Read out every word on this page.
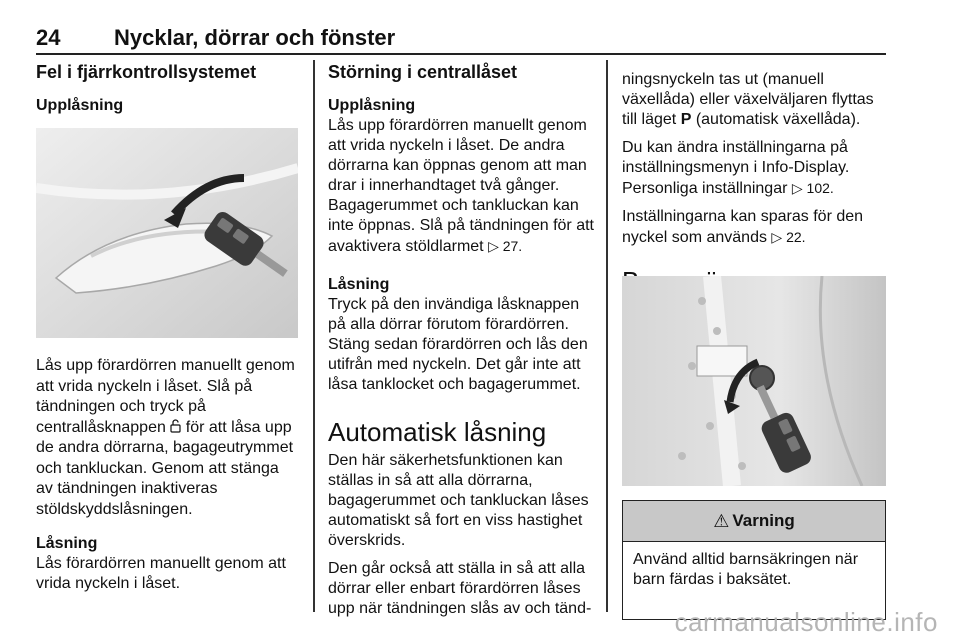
24 Nycklar, dörrar och fönster
Fel i fjärrkontrollsystemet
Upplåsning

Lås upp förardörren manuellt genom att vrida nyckeln i låset. Slå på tändningen och tryck på centrallåsknappen för att låsa upp de andra dörrarna, bagageutrymmet och tankluckan. Genom att stänga av tändningen inaktiveras stöldskyddslåsningen.

Låsning

Lås förardörren manuellt genom att vrida nyckeln i låset.

Störning i centrallåset
Upplåsning

Lås upp förardörren manuellt genom att vrida nyckeln i låset. De andra dörrarna kan öppnas genom att man drar i innerhandtaget två gånger. Bagagerummet och tankluckan kan inte öppnas. Slå på tändningen för att avaktivera stöldlarmet ▷ 27.

Låsning

Tryck på den invändiga låsknappen på alla dörrar förutom förardörren. Stäng sedan förardörren och lås den utifrån med nyckeln. Det går inte att låsa tanklocket och bagagerummet.

Automatisk låsning

Den här säkerhetsfunktionen kan ställas in så att alla dörrarna, bagagerummet och tankluckan låses automatiskt så fort en viss hastighet överskrids.

Den går också att ställa in så att alla dörrar eller enbart förardörren låses upp när tändningen slås av och tänd-

ningsnyckeln tas ut (manuell växellåda) eller växelväljaren flyttas till läget P (automatisk växellåda).

Du kan ändra inställningarna på inställningsmenyn i Info-Display. Personliga inställningar ▷ 102.

Inställningarna kan sparas för den nyckel som används ▷ 22.

⚠ Varning
Använd alltid barnsäkringen när barn färdas i baksätet.
carmanualsonline.info
